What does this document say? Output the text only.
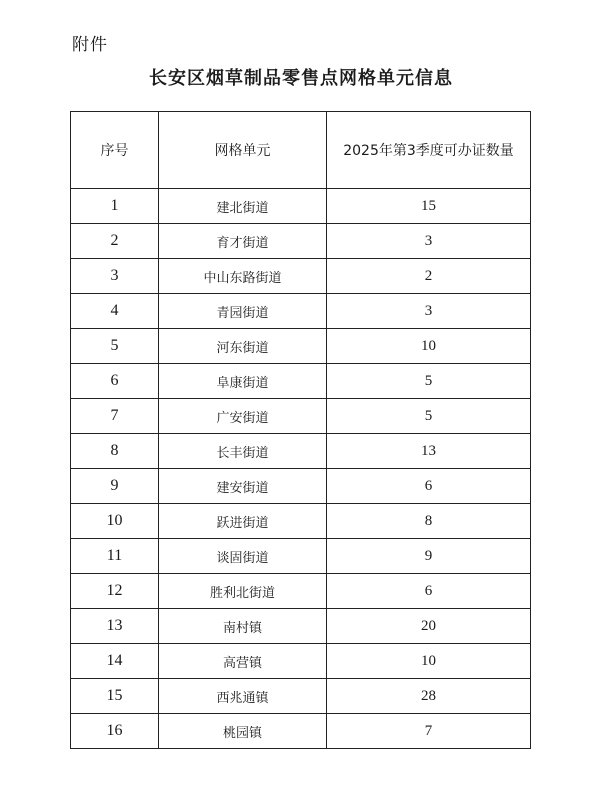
附件
长安区烟草制品零售点网格单元信息
序号	网格单元	2025年第3季度可办证数量
1	建北街道	15
2	育才街道	3
3	中山东路街道	2
4	青园街道	3
5	河东街道	10
6	阜康街道	5
7	广安街道	5
8	长丰街道	13
9	建安街道	6
10	跃进街道	8
11	谈固街道	9
12	胜利北街道	6
13	南村镇	20
14	高营镇	10
15	西兆通镇	28
16	桃园镇	7
